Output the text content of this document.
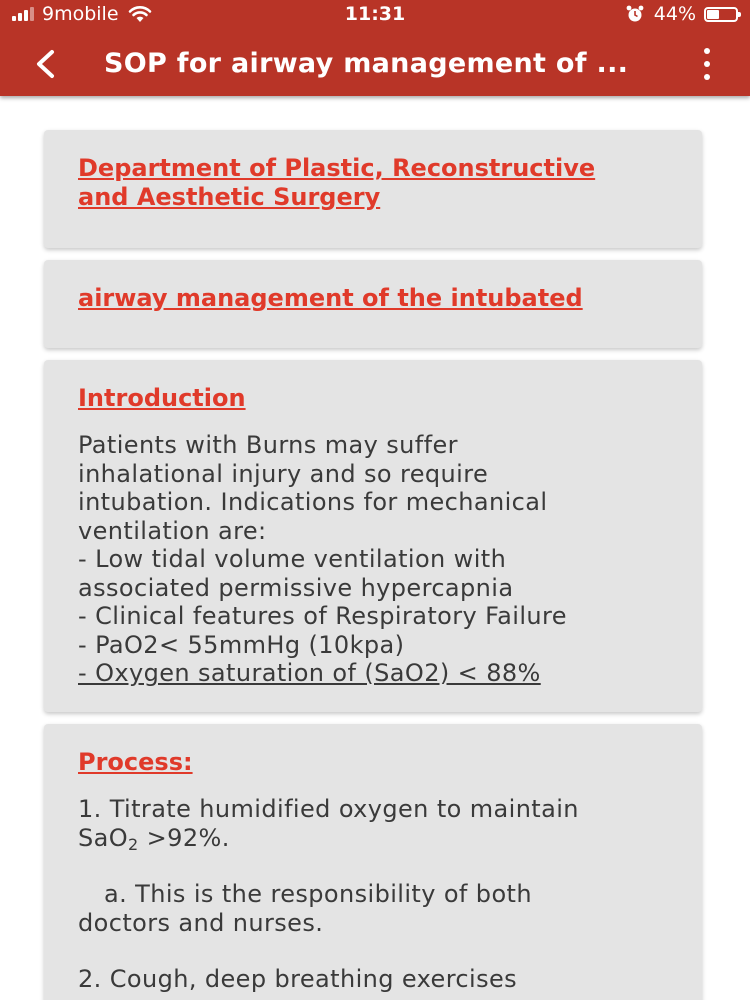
9mobile	11:31	44%
SOP for airway management of ...
Department of Plastic, Reconstructive
and Aesthetic Surgery
airway management of the intubated
Introduction

Patients with Burns may suffer

inhalational injury and so require

intubation. Indications for mechanical

ventilation are:

- Low tidal volume ventilation with

associated permissive hypercapnia

- Clinical features of Respiratory Failure

- PaO2< 55mmHg (10kpa)

- Oxygen saturation of (SaO2) < 88%

Process:

1. Titrate humidified oxygen to maintain

SaO$_2$ >92%.

a. This is the responsibility of both

doctors and nurses.

2. Cough, deep breathing exercises
